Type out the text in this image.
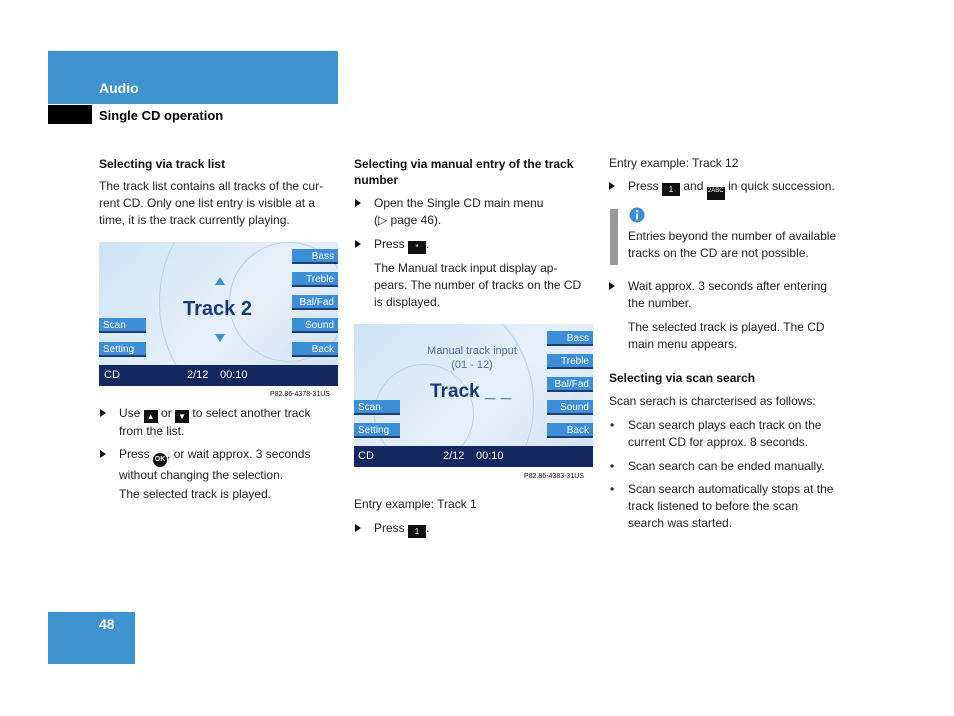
Audio
Single CD operation
Selecting via track list
The track list contains all tracks of the cur-
rent CD. Only one list entry is visible at a
time, it is the track currently playing.
Bass
Treble
Bal/Fad
Sound
Back
Scan
Setting
Track 2
CD	2/12 00:10
P82.86-4378-31US
Use ▲ or ▼ to select another track
from the list.
Press OK , or wait approx. 3 seconds
without changing the selection.
The selected track is played.
Selecting via manual entry of the track
number
Open the Single CD main menu
(▷ page 46).
Press * .
The Manual track input display ap-
pears. The number of tracks on the CD
is displayed.
Bass
Treble
Bal/Fad
Sound
Back
Scan
Setting
Manual track input
(01 - 12)
Track _ _
CD	2/12 00:10
P82.86-4383-31US
Entry example: Track 1
Press 1 .
Entry example: Track 12
Press 1 and 2ABC in quick succession.
Entries beyond the number of available
tracks on the CD are not possible.
Wait approx. 3 seconds after entering
the number.
The selected track is played. The CD
main menu appears.
Selecting via scan search
Scan serach is charcterised as follows:
• Scan search plays each track on the
current CD for approx. 8 seconds.
• Scan search can be ended manually.
• Scan search automatically stops at the
track listened to before the scan
search was started.
48
